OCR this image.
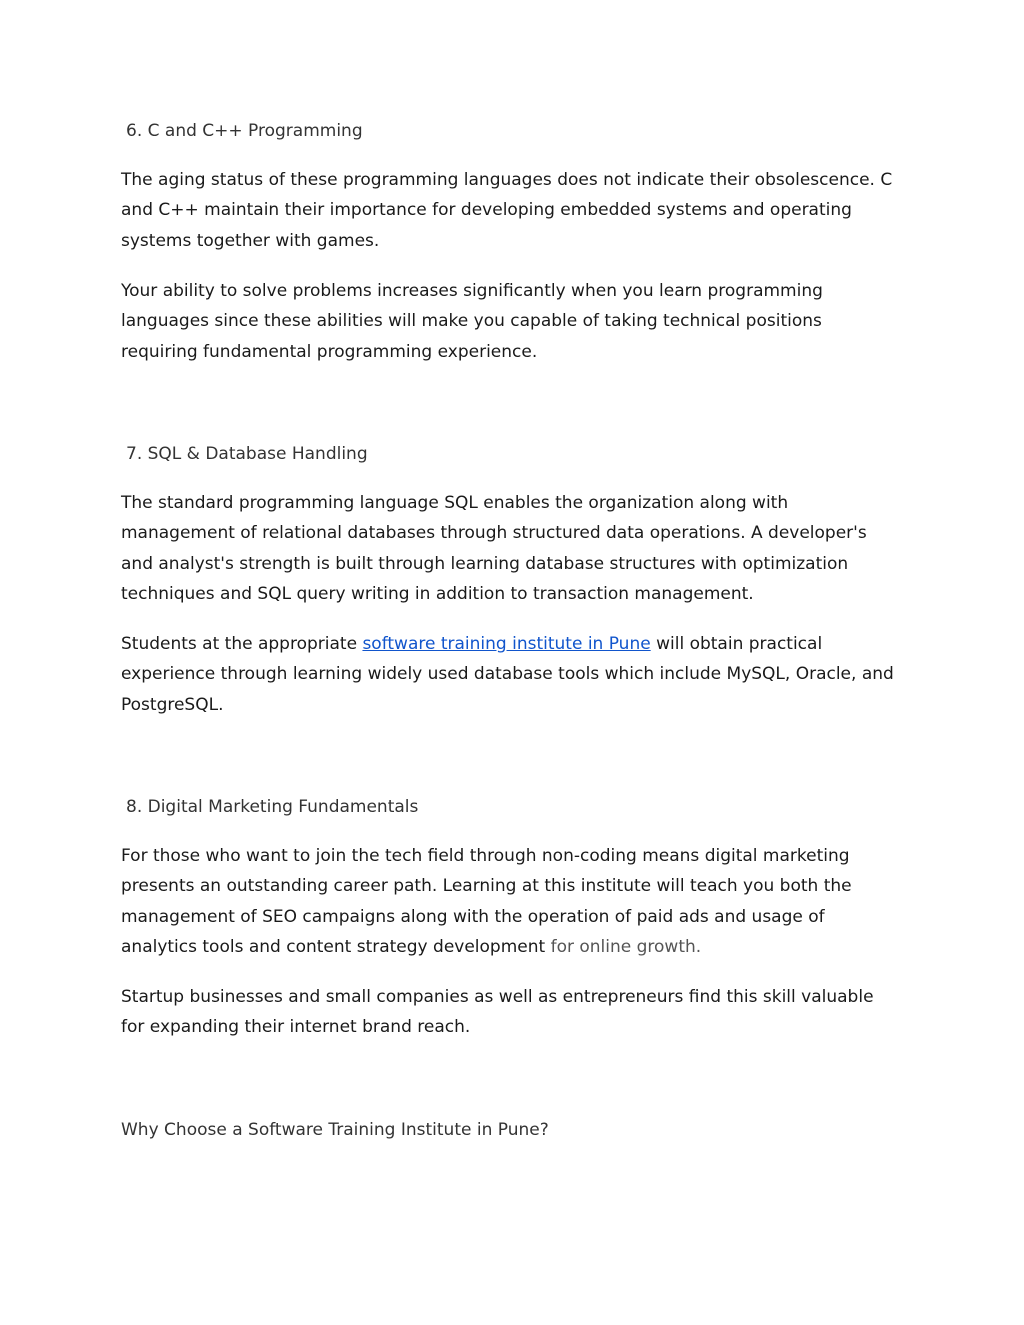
6. C and C++ Programming

The aging status of these programming languages does not indicate their obsolescence. C and C++ maintain their importance for developing embedded systems and operating systems together with games.

Your ability to solve problems increases significantly when you learn programming languages since these abilities will make you capable of taking technical positions requiring fundamental programming experience.

7. SQL & Database Handling

The standard programming language SQL enables the organization along with management of relational databases through structured data operations. A developer's and analyst's strength is built through learning database structures with optimization techniques and SQL query writing in addition to transaction management.

Students at the appropriate software training institute in Pune will obtain practical experience through learning widely used database tools which include MySQL, Oracle, and PostgreSQL.

8. Digital Marketing Fundamentals

For those who want to join the tech field through non-coding means digital marketing presents an outstanding career path. Learning at this institute will teach you both the management of SEO campaigns along with the operation of paid ads and usage of analytics tools and content strategy development for online growth.

Startup businesses and small companies as well as entrepreneurs find this skill valuable for expanding their internet brand reach.

Why Choose a Software Training Institute in Pune?
